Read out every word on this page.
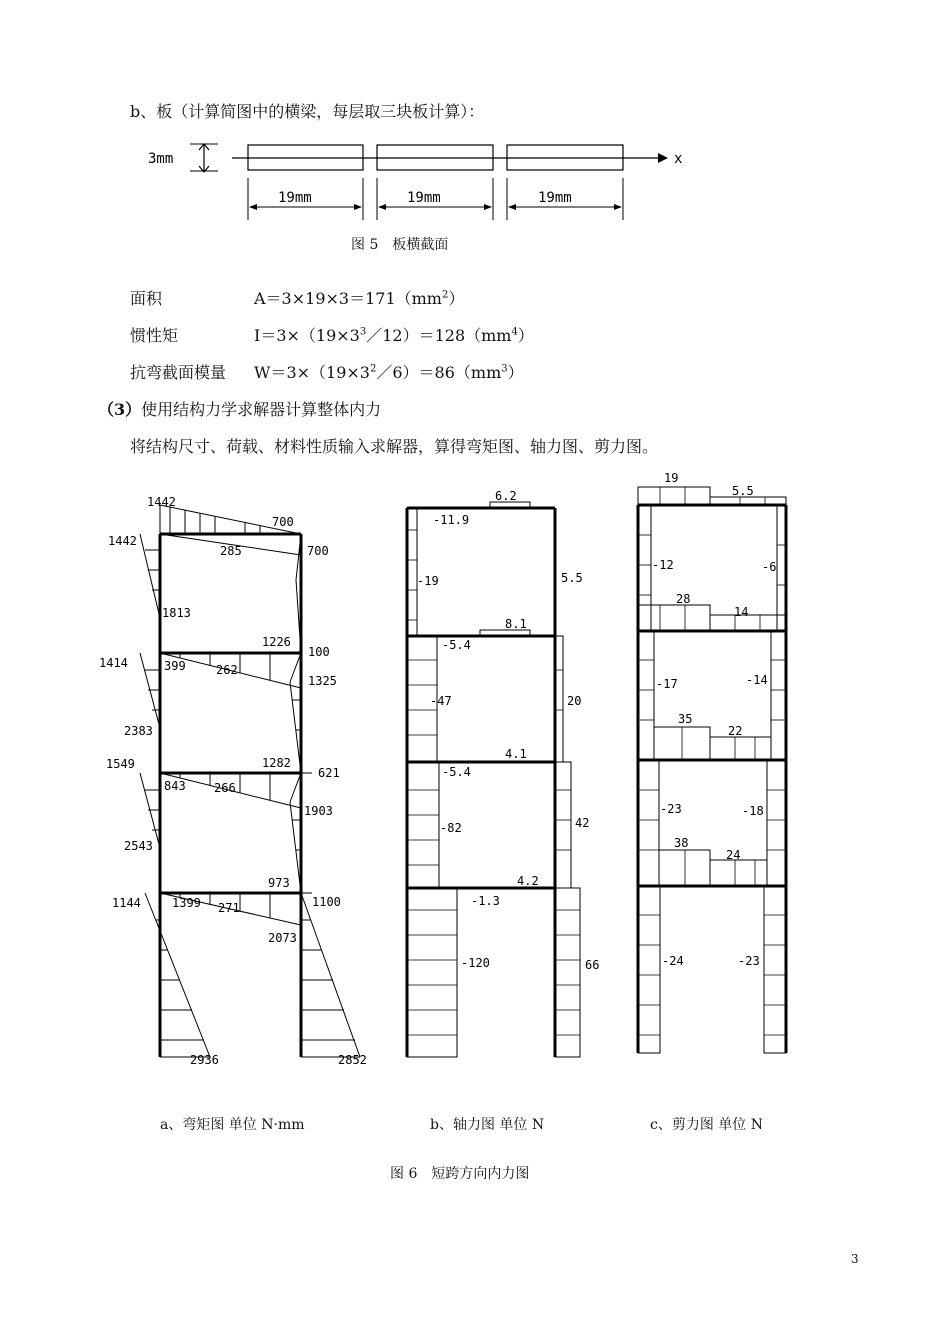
b、板（计算简图中的横梁，每层取三块板计算）：
3mm	x
19mm	19mm	19mm
图 5　板横截面
面积	$A=3\times 19\times 3=171(mm^2)$
惯性矩	$I=3\times(19\times 3^3/12)=128(mm^4)$
抗弯截面模量 $W=3\times(19\times 3^2/6)=86(mm^3)$
（3）使用结构力学求解器计算整体内力
将结构尺寸、荷载、材料性质输入求解器，算得弯矩图、轴力图、剪力图。
1442
700
1442
285	700
1813
1226
100
1414	399	262
1325
2383
1282
1549
843 266
621
1903
2543
973
1144	1399 271	1100
2073
2936	2852
6.2
-11.9
-19	5.5
8.1
-5.4
-47	20
4.1
-5.4
-82	42
4.2
-1.3
-120	66
19
5.5
-12	-6
28
14
-17	-14
35
22
-23	-18
38
24
-24	-23
a、弯矩图 单位 N·mm	b、轴力图 单位 N	c、剪力图 单位 N
图 6　短跨方向内力图
3
